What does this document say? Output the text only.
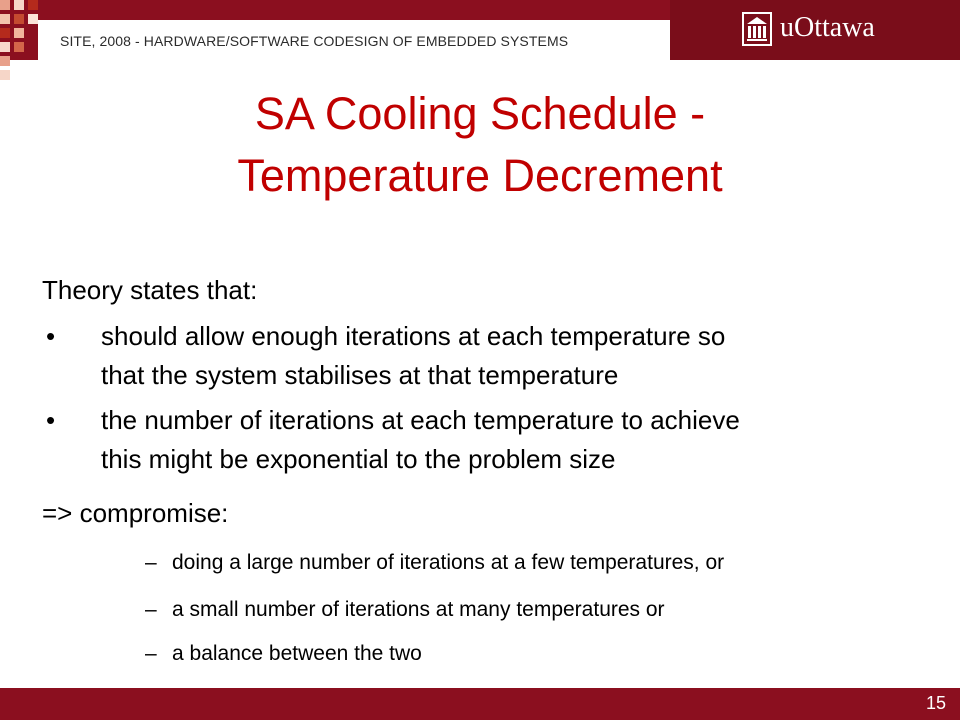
SITE, 2008 - HARDWARE/SOFTWARE CODESIGN OF EMBEDDED SYSTEMS	uOttawa
SA Cooling Schedule -
Temperature Decrement
Theory states that:
• should allow enough iterations at each temperature so
that the system stabilises at that temperature
• the number of iterations at each temperature to achieve
this might be exponential to the problem size
=> compromise:
– doing a large number of iterations at a few temperatures, or
– a small number of iterations at many temperatures or
– a balance between the two
15
